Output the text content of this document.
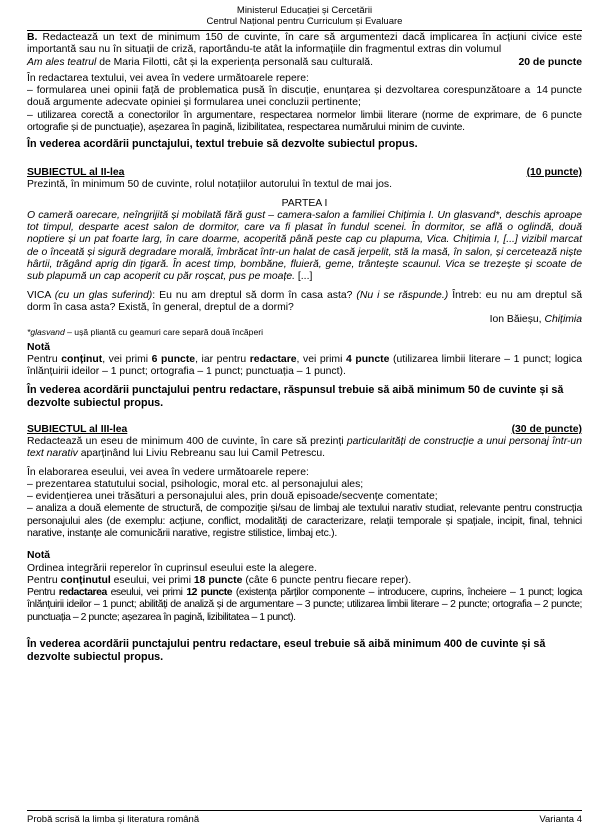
Ministerul Educației și Cercetării
Centrul Național pentru Curriculum și Evaluare

B. Redactează un text de minimum 150 de cuvinte, în care să argumentezi dacă implicarea în acțiuni civice este importantă sau nu în situații de criză, raportându-te atât la informațiile din fragmentul extras din volumul

Am ales teatrul de Maria Filotti, cât și la experiența personală sau culturală.	20 de puncte

În redactarea textului, vei avea în vedere următoarele repere:

– formularea unei opinii față de problematica pusă în discuție, enunțarea și dezvoltarea corespunzătoare a două argumente adecvate opiniei și formularea unei concluzii pertinente;
14 puncte
– utilizarea corectă a conectorilor în argumentare, respectarea normelor limbii literare (norme de exprimare, de ortografie și de punctuație), așezarea în pagină, lizibilitatea, respectarea numărului minim de cuvinte.
6 puncte

În vederea acordării punctajului, textul trebuie să dezvolte subiectul propus.

SUBIECTUL al II-lea	(10 puncte)

Prezintă, în minimum 50 de cuvinte, rolul notațiilor autorului în textul de mai jos.

PARTEA I

O cameră oarecare, neîngrijită și mobilată fără gust – camera-salon a familiei Chițimia I. Un glasvand*, deschis aproape tot timpul, desparte acest salon de dormitor, care va fi plasat în fundul scenei. În dormitor, se află o oglindă, două noptiere și un pat foarte larg, în care doarme, acoperită până peste cap cu plapuma, Vica. Chițimia I, [...] vizibil marcat de o înceată și sigură degradare morală, îmbrăcat într-un halat de casă jerpelit, stă la masă, în salon, și cercetează niște hârtii, trăgând aprig din țigară. În acest timp, bombăne, fluieră, geme, trântește scaunul. Vica se trezește și scoate de sub plapumă un cap acoperit cu păr roșcat, pus pe moațe. [...]

VICA (cu un glas suferind): Eu nu am dreptul să dorm în casa asta? (Nu i se răspunde.) Întreb: eu nu am dreptul să dorm în casa asta? Există, în general, dreptul de a dormi?

Ion Băieșu, Chițimia

*glasvand – ușă pliantă cu geamuri care separă două încăperi

Notă

Pentru conținut, vei primi 6 puncte, iar pentru redactare, vei primi 4 puncte (utilizarea limbii literare – 1 punct; logica înlănțuirii ideilor – 1 punct; ortografia – 1 punct; punctuația – 1 punct).

În vederea acordării punctajului pentru redactare, răspunsul trebuie să aibă minimum 50 de cuvinte și să dezvolte subiectul propus.

SUBIECTUL al III-lea	(30 de puncte)

Redactează un eseu de minimum 400 de cuvinte, în care să prezinți particularități de construcție a unui personaj într-un text narativ aparținând lui Liviu Rebreanu sau lui Camil Petrescu.

În elaborarea eseului, vei avea în vedere următoarele repere:

– prezentarea statutului social, psihologic, moral etc. al personajului ales;

– evidențierea unei trăsături a personajului ales, prin două episoade/secvențe comentate;

– analiza a două elemente de structură, de compoziție și/sau de limbaj ale textului narativ studiat, relevante pentru construcția personajului ales (de exemplu: acțiune, conflict, modalități de caracterizare, relații temporale și spațiale, incipit, final, tehnici narative, instanțe ale comunicării narative, registre stilistice, limbaj etc.).

Notă

Ordinea integrării reperelor în cuprinsul eseului este la alegere.

Pentru conținutul eseului, vei primi 18 puncte (câte 6 puncte pentru fiecare reper).

Pentru redactarea eseului, vei primi 12 puncte (existența părților componente – introducere, cuprins, încheiere – 1 punct; logica înlănțuirii ideilor – 1 punct; abilități de analiză și de argumentare – 3 puncte; utilizarea limbii literare – 2 puncte; ortografia – 2 puncte; punctuația – 2 puncte; așezarea în pagină, lizibilitatea – 1 punct).

În vederea acordării punctajului pentru redactare, eseul trebuie să aibă minimum 400 de cuvinte și să dezvolte subiectul propus.

Probă scrisă la limba și literatura română	Varianta 4
